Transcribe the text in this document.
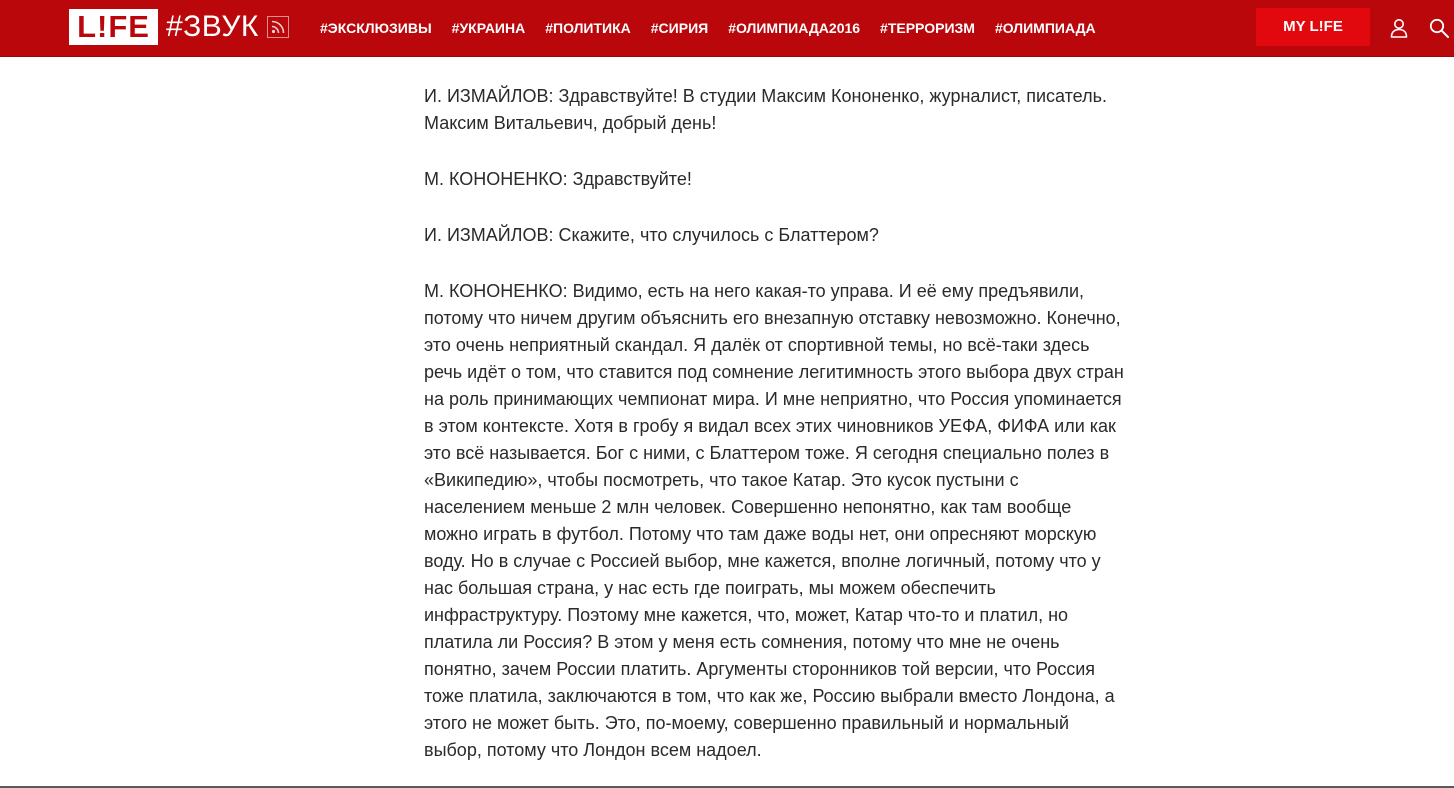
L!FE #ЗВУК	#ЭКСКЛЮЗИВЫ #УКРАИНА #ПОЛИТИКА #СИРИЯ #ОЛИМПИАДА2016 #ТЕРРОРИЗМ #ОЛИМПИАДА	MY L!FE

И. ИЗМАЙЛОВ: Здравствуйте! В студии Максим Кононенко, журналист, писатель. Максим Витальевич, добрый день!

М. КОНОНЕНКО: Здравствуйте!

И. ИЗМАЙЛОВ: Скажите, что случилось с Блаттером?

М. КОНОНЕНКО: Видимо, есть на него какая-то управа. И её ему предъявили, потому что ничем другим объяснить его внезапную отставку невозможно. Конечно, это очень неприятный скандал. Я далёк от спортивной темы, но всё-таки здесь речь идёт о том, что ставится под сомнение легитимность этого выбора двух стран на роль принимающих чемпионат мира. И мне неприятно, что Россия упоминается в этом контексте. Хотя в гробу я видал всех этих чиновников УЕФА, ФИФА или как это всё называется. Бог с ними, с Блаттером тоже. Я сегодня специально полез в «Википедию», чтобы посмотреть, что такое Катар. Это кусок пустыни с населением меньше 2 млн человек. Совершенно непонятно, как там вообще можно играть в футбол. Потому что там даже воды нет, они опресняют морскую воду. Но в случае с Россией выбор, мне кажется, вполне логичный, потому что у нас большая страна, у нас есть где поиграть, мы можем обеспечить инфраструктуру. Поэтому мне кажется, что, может, Катар что-то и платил, но платила ли Россия? В этом у меня есть сомнения, потому что мне не очень понятно, зачем России платить. Аргументы сторонников той версии, что Россия тоже платила, заключаются в том, что как же, Россию выбрали вместо Лондона, а этого не может быть. Это, по-моему, совершенно правильный и нормальный выбор, потому что Лондон всем надоел.
